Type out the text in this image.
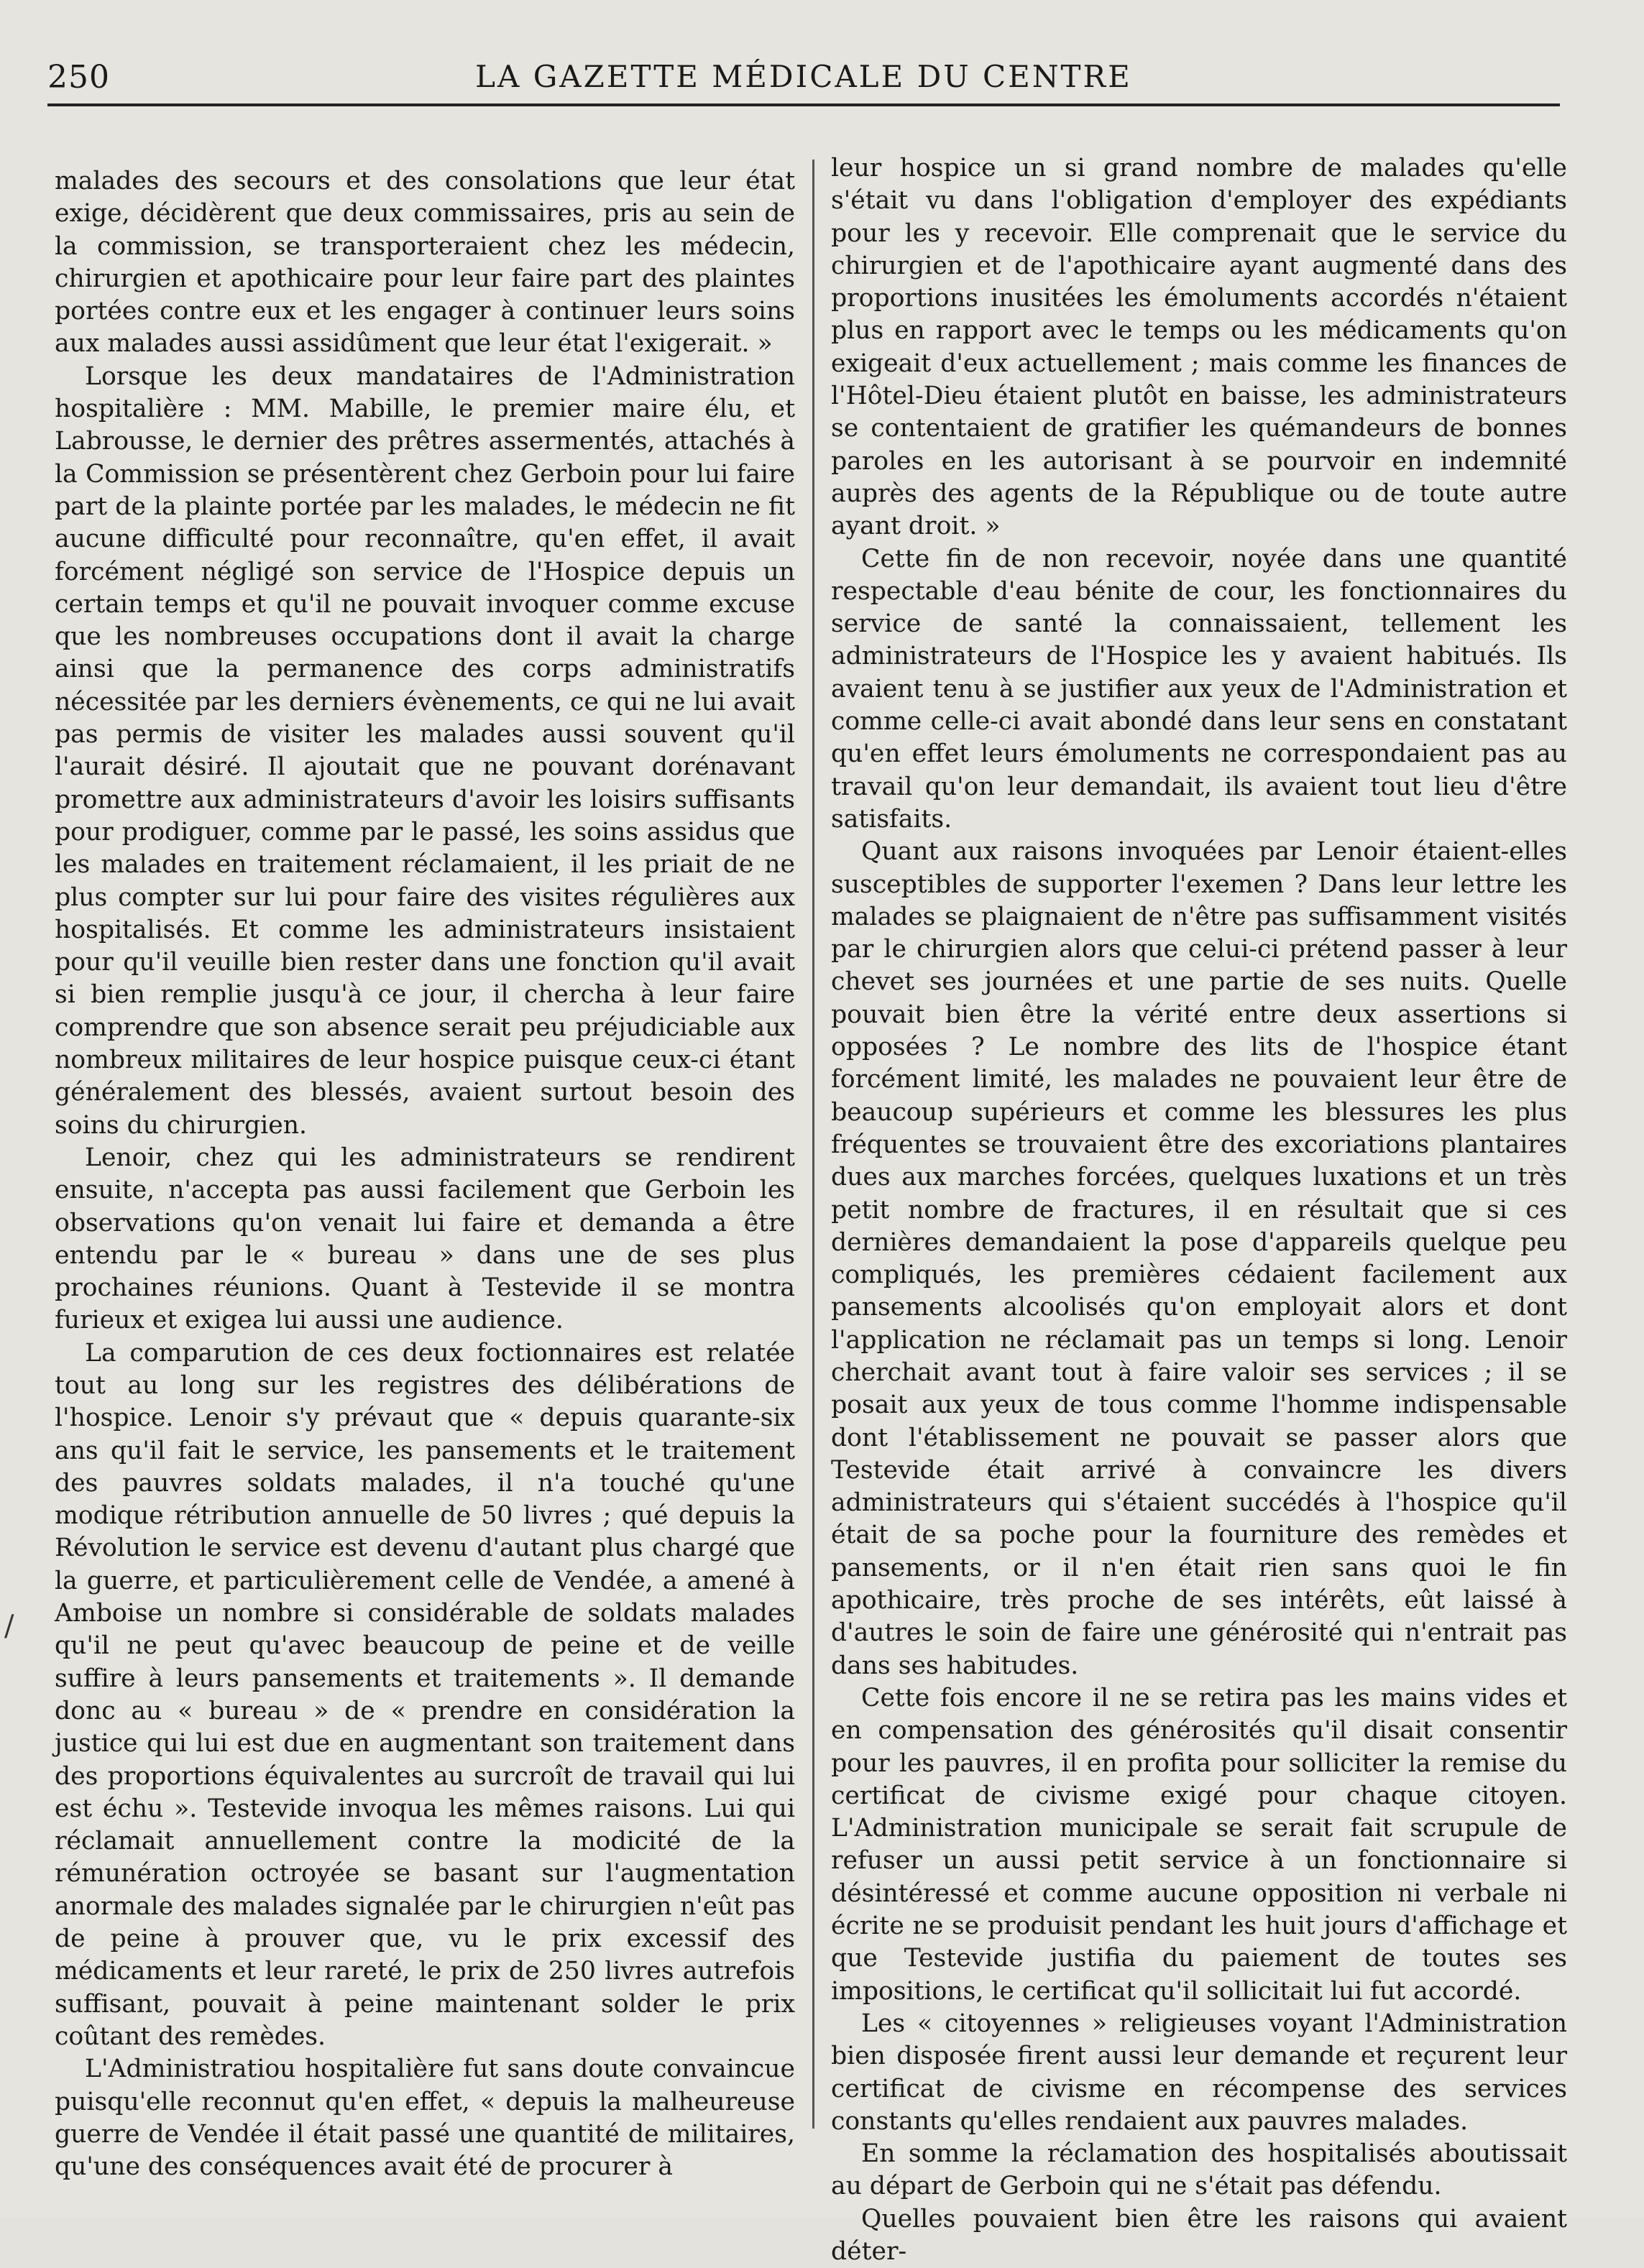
250	LA GAZETTE MÉDICALE DU CENTRE
/

malades des secours et des consolations que leur état exige, décidèrent que deux commissaires, pris au sein de la commission, se transporteraient chez les médecin, chirurgien et apothicaire pour leur faire part des plaintes portées contre eux et les engager à continuer leurs soins aux malades aussi assidûment que leur état l'exigerait. »

Lorsque les deux mandataires de l'Administration hospitalière : MM. Mabille, le premier maire élu, et Labrousse, le dernier des prêtres assermentés, attachés à la Commission se présentèrent chez Gerboin pour lui faire part de la plainte portée par les malades, le médecin ne fit aucune difficulté pour reconnaître, qu'en effet, il avait forcément négligé son service de l'Hospice depuis un certain temps et qu'il ne pouvait invoquer comme excuse que les nombreuses occupations dont il avait la charge ainsi que la permanence des corps administratifs nécessitée par les derniers évènements, ce qui ne lui avait pas permis de visiter les malades aussi souvent qu'il l'aurait désiré. Il ajoutait que ne pouvant dorénavant promettre aux administrateurs d'avoir les loisirs suffisants pour prodiguer, comme par le passé, les soins assidus que les malades en traitement réclamaient, il les priait de ne plus compter sur lui pour faire des visites régulières aux hospitalisés. Et comme les administrateurs insistaient pour qu'il veuille bien rester dans une fonction qu'il avait si bien remplie jusqu'à ce jour, il chercha à leur faire comprendre que son absence serait peu préjudiciable aux nombreux militaires de leur hospice puisque ceux-ci étant généralement des blessés, avaient surtout besoin des soins du chirurgien.

Lenoir, chez qui les administrateurs se rendirent ensuite, n'accepta pas aussi facilement que Gerboin les observations qu'on venait lui faire et demanda a être entendu par le « bureau » dans une de ses plus prochaines réunions. Quant à Testevide il se montra furieux et exigea lui aussi une audience.

La comparution de ces deux foctionnaires est relatée tout au long sur les registres des délibérations de l'hospice. Lenoir s'y prévaut que « depuis quarante-six ans qu'il fait le service, les pansements et le traitement des pauvres soldats malades, il n'a touché qu'une modique rétribution annuelle de 50 livres ; qué depuis la Révolution le service est devenu d'autant plus chargé que la guerre, et particulièrement celle de Vendée, a amené à Amboise un nombre si considérable de soldats malades qu'il ne peut qu'avec beaucoup de peine et de veille suffire à leurs pansements et traitements ». Il demande donc au « bureau » de « prendre en considération la justice qui lui est due en augmentant son traitement dans des proportions équivalentes au surcroît de travail qui lui est échu ». Testevide invoqua les mêmes raisons. Lui qui réclamait annuellement contre la modicité de la rémunération octroyée se basant sur l'augmentation anormale des malades signalée par le chirurgien n'eût pas de peine à prouver que, vu le prix excessif des médicaments et leur rareté, le prix de 250 livres autrefois suffisant, pouvait à peine maintenant solder le prix coûtant des remèdes.

L'Administratiou hospitalière fut sans doute convaincue puisqu'elle reconnut qu'en effet, « depuis la malheureuse guerre de Vendée il était passé une quantité de militaires, qu'une des conséquences avait été de procurer à

leur hospice un si grand nombre de malades qu'elle s'était vu dans l'obligation d'employer des expédiants pour les y recevoir. Elle comprenait que le service du chirurgien et de l'apothicaire ayant augmenté dans des proportions inusitées les émoluments accordés n'étaient plus en rapport avec le temps ou les médicaments qu'on exigeait d'eux actuellement ; mais comme les finances de l'Hôtel-Dieu étaient plutôt en baisse, les administrateurs se contentaient de gratifier les quémandeurs de bonnes paroles en les autorisant à se pourvoir en indemnité auprès des agents de la République ou de toute autre ayant droit. »

Cette fin de non recevoir, noyée dans une quantité respectable d'eau bénite de cour, les fonctionnaires du service de santé la connaissaient, tellement les administrateurs de l'Hospice les y avaient habitués. Ils avaient tenu à se justifier aux yeux de l'Administration et comme celle-ci avait abondé dans leur sens en constatant qu'en effet leurs émoluments ne correspondaient pas au travail qu'on leur demandait, ils avaient tout lieu d'être satisfaits.

Quant aux raisons invoquées par Lenoir étaient-elles susceptibles de supporter l'exemen ? Dans leur lettre les malades se plaignaient de n'être pas suffisamment visités par le chirurgien alors que celui-ci prétend passer à leur chevet ses journées et une partie de ses nuits. Quelle pouvait bien être la vérité entre deux assertions si opposées ? Le nombre des lits de l'hospice étant forcément limité, les malades ne pouvaient leur être de beaucoup supérieurs et comme les blessures les plus fréquentes se trouvaient être des excoriations plantaires dues aux marches forcées, quelques luxations et un très petit nombre de fractures, il en résultait que si ces dernières demandaient la pose d'appareils quelque peu compliqués, les premières cédaient facilement aux pansements alcoolisés qu'on employait alors et dont l'application ne réclamait pas un temps si long. Lenoir cherchait avant tout à faire valoir ses services ; il se posait aux yeux de tous comme l'homme indispensable dont l'établissement ne pouvait se passer alors que Testevide était arrivé à convaincre les divers administrateurs qui s'étaient succédés à l'hospice qu'il était de sa poche pour la fourniture des remèdes et pansements, or il n'en était rien sans quoi le fin apothicaire, très proche de ses intérêts, eût laissé à d'autres le soin de faire une générosité qui n'entrait pas dans ses habitudes.

Cette fois encore il ne se retira pas les mains vides et en compensation des générosités qu'il disait consentir pour les pauvres, il en profita pour solliciter la remise du certificat de civisme exigé pour chaque citoyen. L'Administration municipale se serait fait scrupule de refuser un aussi petit service à un fonctionnaire si désintéressé et comme aucune opposition ni verbale ni écrite ne se produisit pendant les huit jours d'affichage et que Testevide justifia du paiement de toutes ses impositions, le certificat qu'il sollicitait lui fut accordé.

Les « citoyennes » religieuses voyant l'Administration bien disposée firent aussi leur demande et reçurent leur certificat de civisme en récompense des services constants qu'elles rendaient aux pauvres malades.

En somme la réclamation des hospitalisés aboutissait au départ de Gerboin qui ne s'était pas défendu.

Quelles pouvaient bien être les raisons qui avaient déter-
